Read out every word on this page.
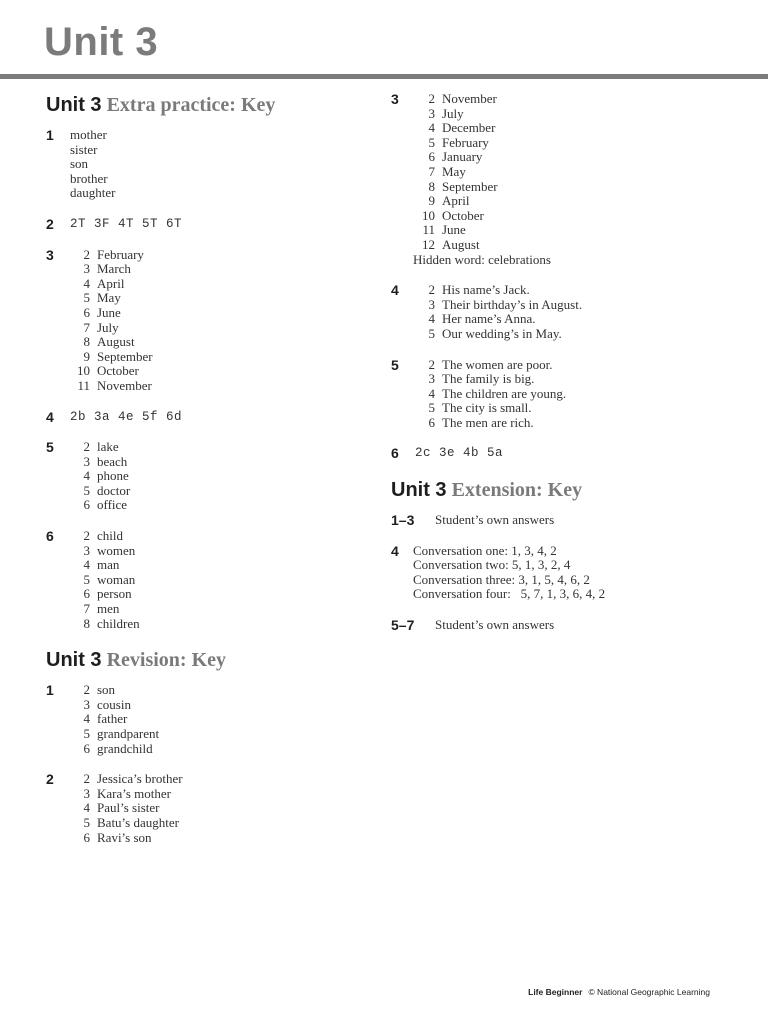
Unit 3
Unit 3 Extra practice: Key
1	mother
sister
son
brother
daughter
2	2T 3F 4T 5T 6T
3	2 February
3 March
4 April
5 May
6 June
7 July
8 August
9 September
10 October
11 November
4	2b 3a 4e 5f 6d
5	2 lake
3 beach
4 phone
5 doctor
6 office
6	2 child
3 women
4 man
5 woman
6 person
7 men
8 children
Unit 3 Revision: Key
1	2 son
3 cousin
4 father
5 grandparent
6 grandchild
2	2 Jessica’s brother
3 Kara’s mother
4 Paul’s sister
5 Batu’s daughter
6 Ravi’s son
3	2 November
3 July
4 December
5 February
6 January
7 May
8 September
9 April
10 October
11 June
12 August
Hidden word: celebrations
4	2 His name’s Jack.
3 Their birthday’s in August.
4 Her name’s Anna.
5 Our wedding’s in May.
5	2 The women are poor.
3 The family is big.
4 The children are young.
5 The city is small.
6 The men are rich.
6	2c 3e 4b 5a
Unit 3 Extension: Key
1–3	Student’s own answers
4	Conversation one: 1, 3, 4, 2
Conversation two: 5, 1, 3, 2, 4
Conversation three: 3, 1, 5, 4, 6, 2
Conversation four:   5, 7, 1, 3, 6, 4, 2
5–7	Student’s own answers
Life Beginner © National Geographic Learning
